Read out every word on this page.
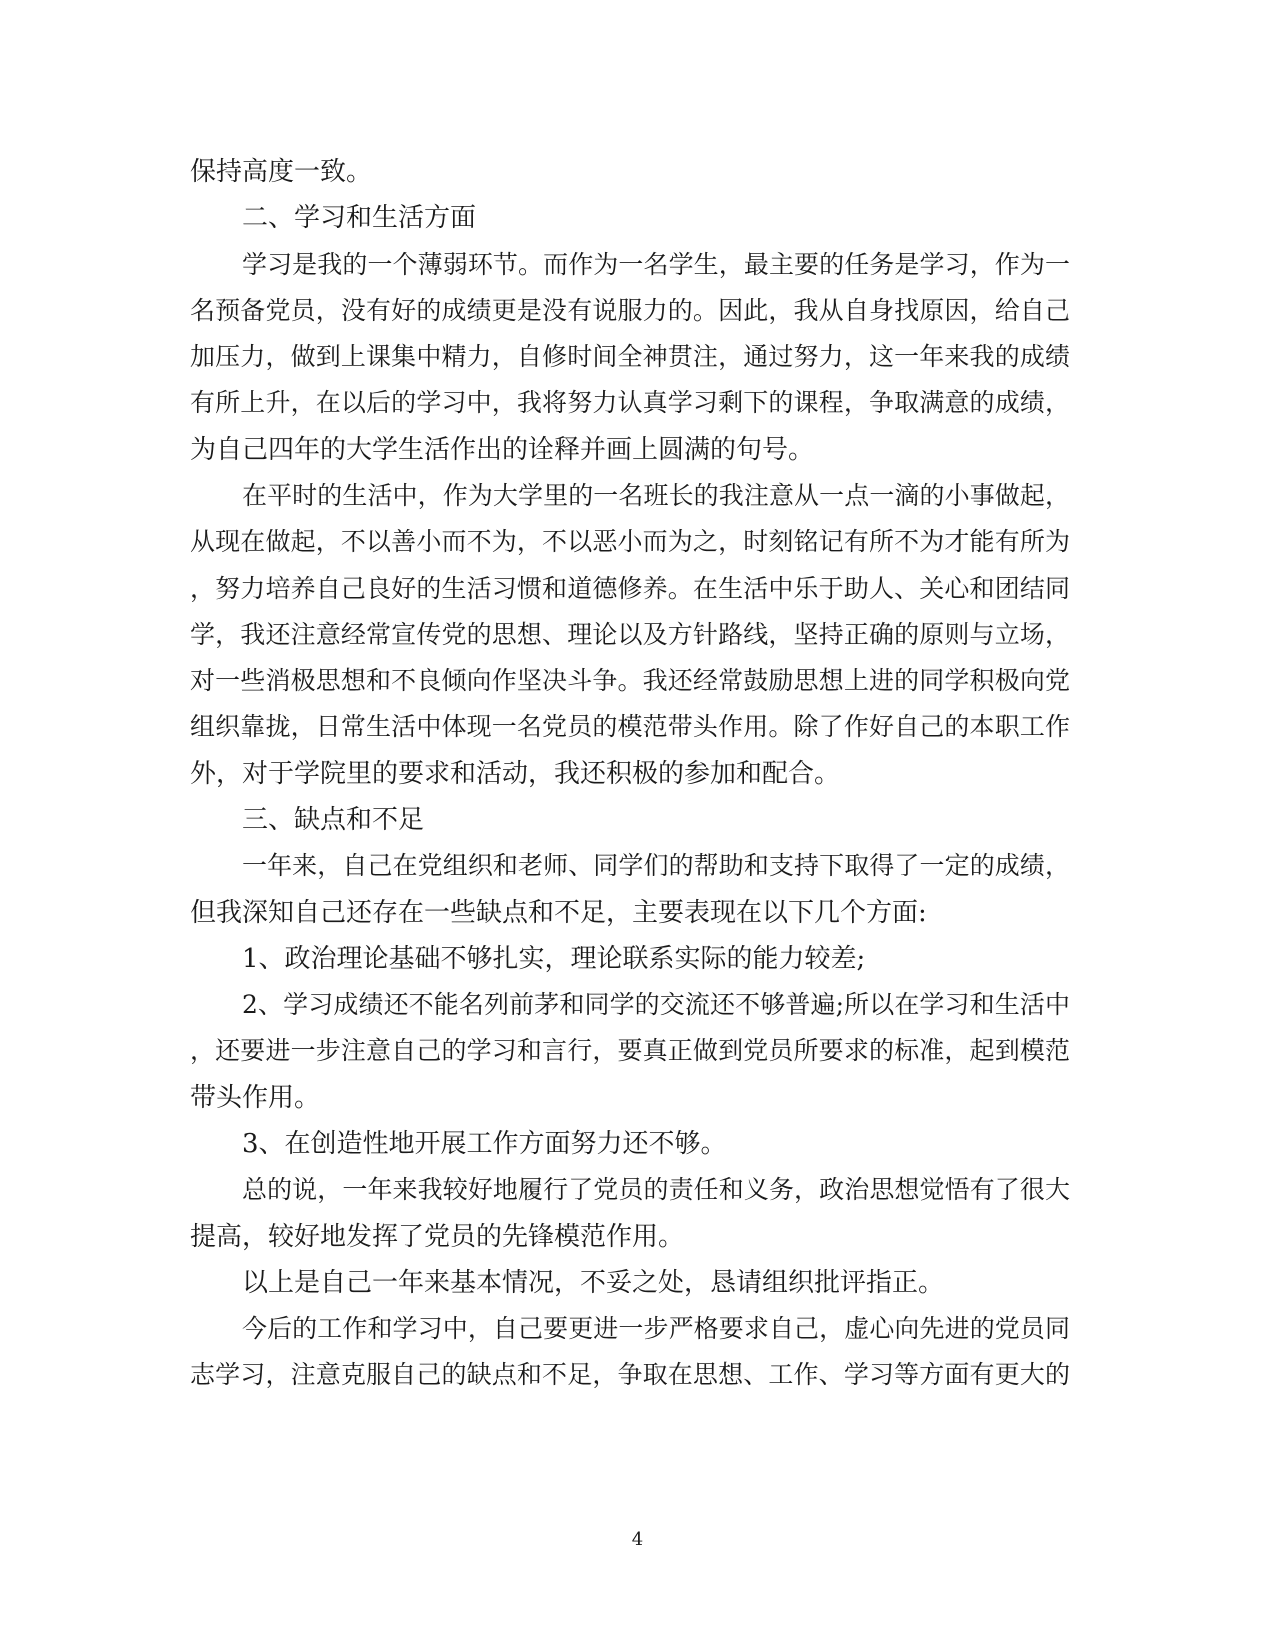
保持高度一致。
二、学习和生活方面
学习是我的一个薄弱环节。而作为一名学生，最主要的任务是学习，作为一
名预备党员，没有好的成绩更是没有说服力的。因此，我从自身找原因，给自己
加压力，做到上课集中精力，自修时间全神贯注，通过努力，这一年来我的成绩
有所上升，在以后的学习中，我将努力认真学习剩下的课程，争取满意的成绩，
为自己四年的大学生活作出的诠释并画上圆满的句号。
在平时的生活中，作为大学里的一名班长的我注意从一点一滴的小事做起，
从现在做起，不以善小而不为，不以恶小而为之，时刻铭记有所不为才能有所为
，努力培养自己良好的生活习惯和道德修养。在生活中乐于助人、关心和团结同
学，我还注意经常宣传党的思想、理论以及方针路线，坚持正确的原则与立场，
对一些消极思想和不良倾向作坚决斗争。我还经常鼓励思想上进的同学积极向党
组织靠拢，日常生活中体现一名党员的模范带头作用。除了作好自己的本职工作
外，对于学院里的要求和活动，我还积极的参加和配合。
三、缺点和不足
一年来，自己在党组织和老师、同学们的帮助和支持下取得了一定的成绩，
但我深知自己还存在一些缺点和不足，主要表现在以下几个方面:
1、政治理论基础不够扎实，理论联系实际的能力较差;
2、学习成绩还不能名列前茅和同学的交流还不够普遍;所以在学习和生活中
，还要进一步注意自己的学习和言行，要真正做到党员所要求的标准，起到模范
带头作用。
3、在创造性地开展工作方面努力还不够。
总的说，一年来我较好地履行了党员的责任和义务，政治思想觉悟有了很大
提高，较好地发挥了党员的先锋模范作用。
以上是自己一年来基本情况，不妥之处，恳请组织批评指正。
今后的工作和学习中，自己要更进一步严格要求自己，虚心向先进的党员同
志学习，注意克服自己的缺点和不足，争取在思想、工作、学习等方面有更大的
4
